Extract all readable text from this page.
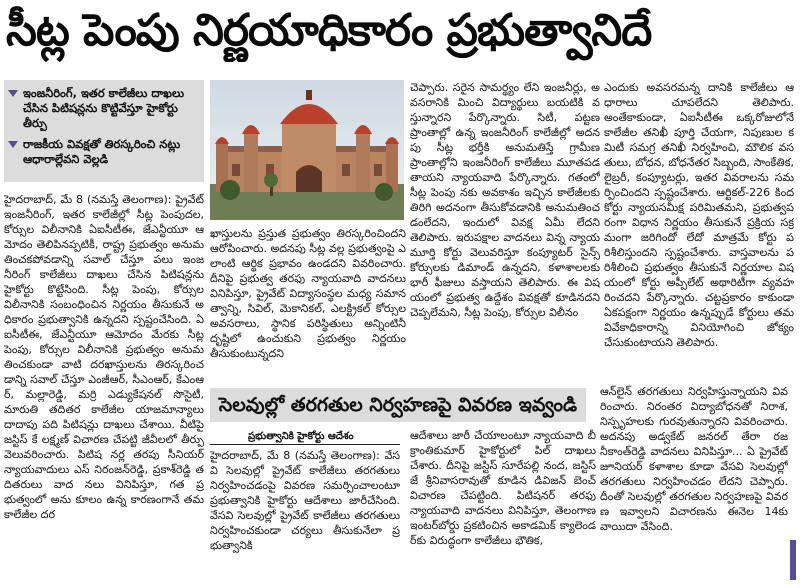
సీట్ల పెంపు నిర్ణయాధికారం ప్రభుత్వానిదే
ఇంజనీరింగ్‌, ఇతర కాలేజీలు దాఖలు చేసిన పిటిషన్లను కొట్టివేస్తూ హైకోర్టు తీర్పు
రాజకీయ వివక్షతో తిరస్కరించి నట్లు ఆధారాల్లేవని వెల్లడి

హైదరాబాద్‌, మే 8 (నమస్తే తెలంగాణ): ప్రైవేట్‌ ఇంజనీరింగ్‌, ఇతర కాలేజీల్లో సీట్ల పెంపుదల, కోర్సుల విలీనానికి ఏఐసీటీఈ, జేఎన్టీయూ ఆమోదం తెలిపినప్పటికీ, రాష్ట్ర ప్రభుత్వం అనుమతించకపోవడాన్ని సవాల్‌ చేస్తూ పలు ఇంజనీరింగ్‌ కాలేజీలు దాఖలు చేసిన పిటిషన్లను హైకోర్టు కొట్టేసింది. సీట్ల పెంపు, కోర్సుల విలీనానికి సంబంధించిన నిర్ణయం తీసుకునే అధికారం ప్రభుత్వానికి ఉన్నదని స్పష్టంచేసింది. ఏఐసీటీఈ, జేఎన్టీయూ ఆమోదం మేరకు సీట్ల పెంపు, కోర్సుల విలీనానికి ప్రభుత్వం అనుమతించకుండా వాటి దరఖాస్తులను తిరస్కరించడాన్ని సవాల్‌ చేస్తూ ఎంజీఆర్‌, సీఎంఆర్‌, కేఎంఆర్‌, మల్లారెడ్డి, మర్రి ఎడ్యుకేషనల్‌ సొసైటీ, మారుతి తదితర కాలేజీల యాజమాన్యాలు దాదాపు పది పిటిషన్లు దాఖలు చేశాయి. వీటిపై జస్టిస్‌ కే లక్ష్మణ్‌ విచారణ చేపట్టి జీవీలలో తీర్పు వెలువరించారు. పిటిష నర్ల తరపు సీనియర్‌ న్యాయవాదులు ఎస్‌ నిరంజన్‌రెడ్డి, ప్రకాశ్‌రెడ్డి తదితరులు వాద నలు వినిపిస్తూ, గత ప్రభుత్వంలో అను కూలం ఉన్న కారణంగానే తమ కాలేజీల దర

ఖాస్తులను ప్రస్తుత ప్రభుత్వం తిరస్కరించిందని ఆరోపించారు. అదనపు సీట్ల వల్ల ప్రభుత్వంపై ఎలాంటి ఆర్థిక ప్రభావం ఉండదని వివరించారు. దీనిపై ప్రభుత్వ తరఫు న్యాయవాది వాదనలు వినిపిస్తూ, ప్రైవేట్‌ విద్యాసంస్థల మధ్య సమానత్వాన్ని, సివిల్‌, మెకానికల్‌, ఎలక్ట్రికల్‌ కోర్సుల అవసరాలు, స్థానిక పరిస్థితులు అన్నింటినీ దృష్టిలో ఉంచుకుని ప్రభుత్వం నిర్ణయం తీసుకుంటున్నదని

చెప్పారు. సరైన సామర్థ్యం లేని ఇంజనీర్లు, అవసరానికి మించి విద్యార్థులు బయటికి వస్తున్నారని పేర్కొన్నారు. సిటీ, పట్టణ ప్రాంతాల్లో ఉన్న ఇంజనీరింగ్‌ కాలేజీల్లో అదనపు సీట్ల భర్తీకి అనుమతిస్తే గ్రామీణ ప్రాంతాల్లోని ఇంజనీరింగ్‌ కాలేజీలు మూతపడతాయని న్యాయవాది పేర్కొన్నారు. గతంలో సీట్ల పెంపు నకు అవకాశం ఇచ్చిన కాలేజీలకు తిరిగి అదనంగా తీసుకోవడానికి అనుమతించడంలేదని, ఇందులో వివక్ష ఏమీ లేదని తెలిపారు. ఇరుపక్షాల వాదనలు విన్న న్యాయమూర్తి కోర్టు వెలువరిస్తూ కంప్యూటర్‌ సైన్స్‌ కోర్సులకు డిమాండ్‌ ఉన్నదని, కళాశాలలకు భారీ ఫీజులు వస్తాయని తెలిపారు. ఈ విషయంలో ప్రభుత్వ ఉద్దేశం వివక్షతో కూడినదని చెప్పలేమని, సీట్ల పెంపు, కోర్సుల విలీనం

ఎందుకు అవసరమన్న దానికి కాలేజీలు ఆధారాలు చూపలేదని తెలిపారు. అంతేకాకుండా, ఏఐసీటీఈ ఒక్కరోజులోనే కాలేజీల తనిఖీ పూర్తి చేయగా, నిపుణుల కమిటీ సమగ్ర తనిఖీ నిర్వహించి, మౌలిక వసతులు, బోధన, బోధనేతర సిబ్బంది, సాంకేతిక, లైబ్రరీ, కంప్యూటర్లు, ఇతర వివరాలను సమర్పించిందని స్పష్టంచేశారు. ఆర్టికల్‌-226 కింద కోర్టు న్యాయసమీక్ష పరిమితమని, ప్రభుత్వపరంగా విధాన నిర్ణయం తీసుకునే ప్రక్రియ సక్రమంగా జరిగిందో లేదో మాత్రమే కోర్టు పరిశీలిస్తుందని స్పష్టంచేశారు. వాస్తవాలను పరిశీలించి ప్రభుత్వం తీసుకునే నిర్ణయాల విషయంలో కోర్టు అప్పీలేట్‌ అథారిటీగా వ్యవహరించదని పేర్కొన్నారు. చట్టప్రకారం కాకుండా ఏకపక్షంగా నిర్ణయం ఉన్నప్పుడే కోర్టులు తమ వివేకాధికారాన్ని వినియోగించి జోక్యం చేసుకుంటాయని తెలిపారు.

సెలవుల్లో తరగతుల నిర్వహణపై వివరణ ఇవ్వండి
ప్రభుత్వానికి హైకోర్టు ఆదేశం

హైదరాబాద్‌, మే 8 (నమస్తే తెలంగాణ): వేసవి సెలవుల్లో ప్రైవేట్‌ కాలేజీలు తరగతులు నిర్వహించడంపై వివరణ సమర్పించాలంటూ ప్రభుత్వానికి హైకోర్టు ఆదేశాలు జారీచేసింది. వేసవి సెలవుల్లో ప్రైవేట్‌ కాలేజీలు తరగతులు నిర్వహించకుండా చర్యలు తీసుకునేలా ప్రభుత్వానికి

ఆదేశాలు జారీ చేయాలంటూ న్యాయవాది బీ క్రాంతికుమార్‌ హైకోర్టులో పిల్‌ దాఖలు చేశారు. దీనిపై జస్టిస్‌ సూరేపల్లి నంద, జస్టిస్‌ జే శ్రీనివాసరావుతో కూడిన డివిజన్‌ బెంచ్‌ విచారణ చేపట్టింది. పిటిషనర్‌ తరఫు న్యాయవాది వాదనలు వినిపిస్తూ, తెలంగాణ ఇంటర్‌బోర్డు ప్రకటించిన అకాడమిక్‌ క్యాలెండర్‌కు విరుద్ధంగా కాలేజీలు భౌతిక,

ఆన్‌లైన్‌ తరగతులు నిర్వహిస్తున్నాయని వివరించారు. నిరంతర విద్యాబోధనతో నిరాశ, నిస్పృహలకు గురవుతున్నారని వివరించారు. అదనపు అడ్వకేట్‌ జనరల్‌ తేరా రజనీకాంత్‌రెడ్డి వాదనలు వినిపిస్తూ... ఏ ప్రైవేట్‌ జూనియర్‌ కళాశాల కూడా వేసవి సెలవుల్లో తరగతులు నిర్వహించడం లేదని చెప్పారు. దీంతో సెలవుల్లో తరగతుల నిర్వహణపై వివరణ ఇవ్వాలని విచారణను ఈనెల 14కు వాయిదా వేసింది.
